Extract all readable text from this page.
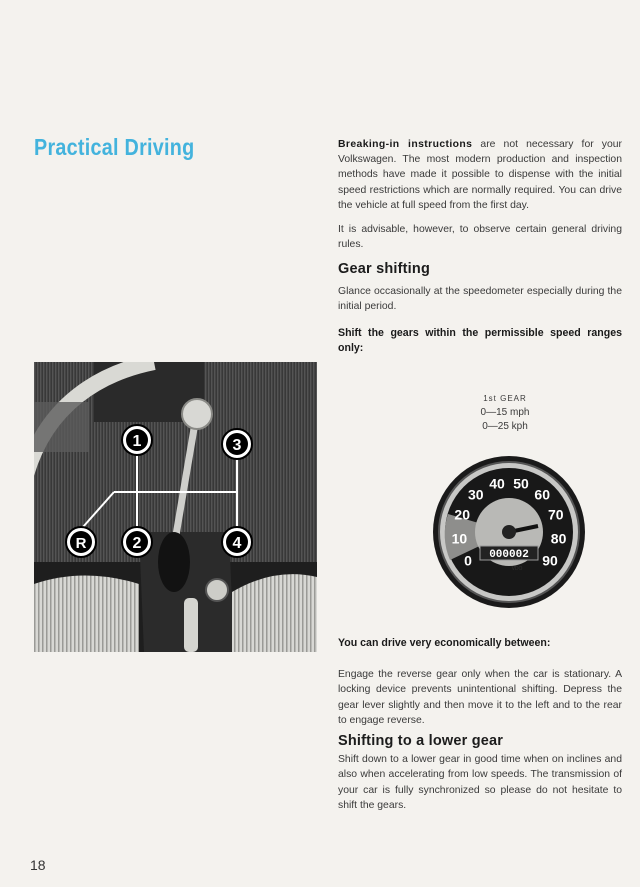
Practical Driving	Breaking-in instructions are not necessary for your Volkswagen. The most modern production and inspection methods have made it possible to dispense with the initial speed restrictions which are normally required. You can drive the vehicle at full speed from the first day.

It is advisable, however, to observe certain general driving rules.

Gear shifting

Glance occasionally at the speedometer especially during the initial period.

Shift the gears within the permissible speed ranges only:

1st GEAR
0—15 mph
0—25 kph
1	3
R	2	4
0
10
20
30
40 50
60
70
80
90
000002
VDO

You can drive very economically between:

Engage the reverse gear only when the car is stationary. A locking device prevents unintentional shifting. Depress the gear lever slightly and then move it to the left and to the rear to engage reverse.

Shifting to a lower gear

Shift down to a lower gear in good time when on inclines and also when accelerating from low speeds. The transmission of your car is fully synchronized so please do not hesitate to shift the gears.

18
